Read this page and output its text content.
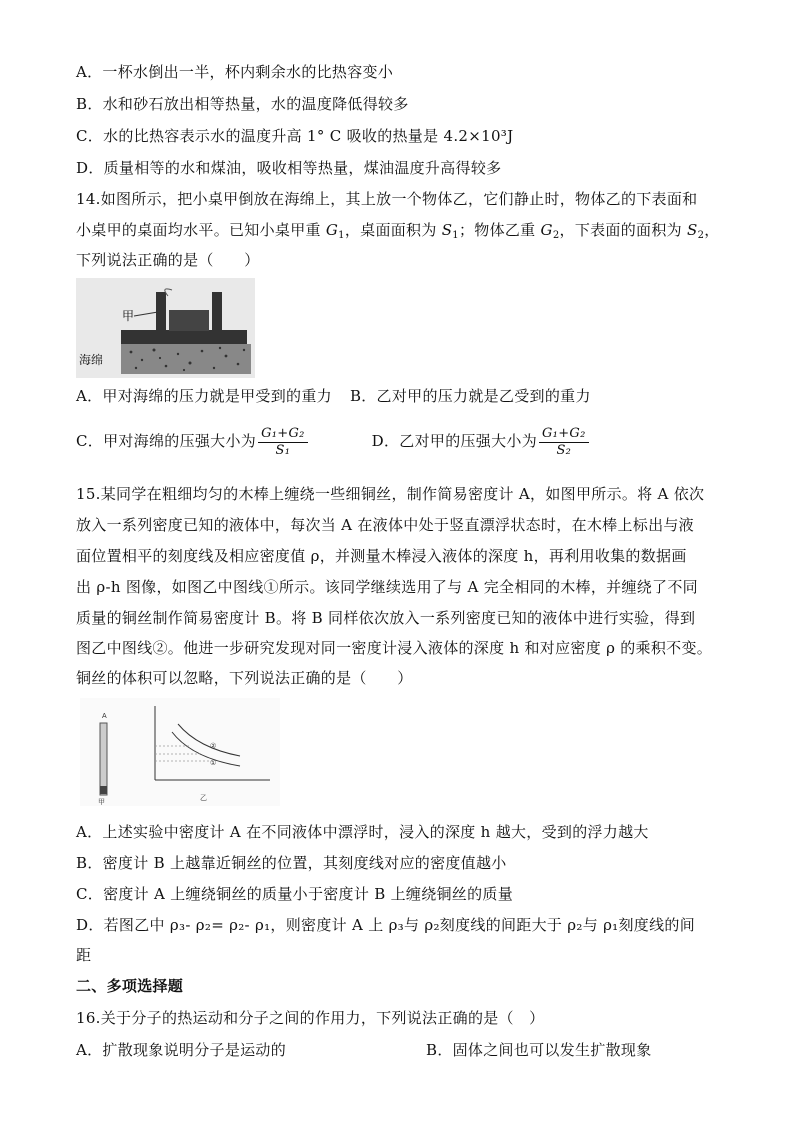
A．一杯水倒出一半，杯内剩余水的比热容变小
B．水和砂石放出相等热量，水的温度降低得较多
C．水的比热容表示水的温度升高 1° C 吸收的热量是 4.2×10³J
D．质量相等的水和煤油，吸收相等热量，煤油温度升高得较多
14.如图所示，把小桌甲倒放在海绵上，其上放一个物体乙，它们静止时，物体乙的下表面和
小桌甲的桌面均水平。已知小桌甲重 $G_1$，桌面面积为 $S_1$；物体乙重 $G_2$，下表面的面积为 $S_2$，
下列说法正确的是（　　）
甲
海绵
A．甲对海绵的压力就是甲受到的重力 B．乙对甲的压力就是乙受到的重力
C．甲对海绵的压强大小为 $\frac{\text{G₁+G₂}}{\text{S₁}}$	D．乙对甲的压强大小为 $\frac{\text{G₁+G₂}}{\text{S₂}}$
15.某同学在粗细均匀的木棒上缠绕一些细铜丝，制作简易密度计 A，如图甲所示。将 A 依次
放入一系列密度已知的液体中，每次当 A 在液体中处于竖直漂浮状态时，在木棒上标出与液
面位置相平的刻度线及相应密度值 ρ，并测量木棒浸入液体的深度 h，再利用收集的数据画
出 ρ-h 图像，如图乙中图线①所示。该同学继续选用了与 A 完全相同的木棒，并缠绕了不同
质量的铜丝制作简易密度计 B。将 B 同样依次放入一系列密度已知的液体中进行实验，得到
图乙中图线②。他进一步研究发现对同一密度计浸入液体的深度 h 和对应密度 ρ 的乘积不变。
铜丝的体积可以忽略，下列说法正确的是（　　）
A
甲
②
①
乙
A．上述实验中密度计 A 在不同液体中漂浮时，浸入的深度 h 越大，受到的浮力越大
B．密度计 B 上越靠近铜丝的位置，其刻度线对应的密度值越小
C．密度计 A 上缠绕铜丝的质量小于密度计 B 上缠绕铜丝的质量
D．若图乙中 ρ₃- ρ₂= ρ₂- ρ₁，则密度计 A 上 ρ₃与 ρ₂刻度线的间距大于 ρ₂与 ρ₁刻度线的间
距
二、多项选择题
16.关于分子的热运动和分子之间的作用力，下列说法正确的是（　）
A．扩散现象说明分子是运动的	B．固体之间也可以发生扩散现象
